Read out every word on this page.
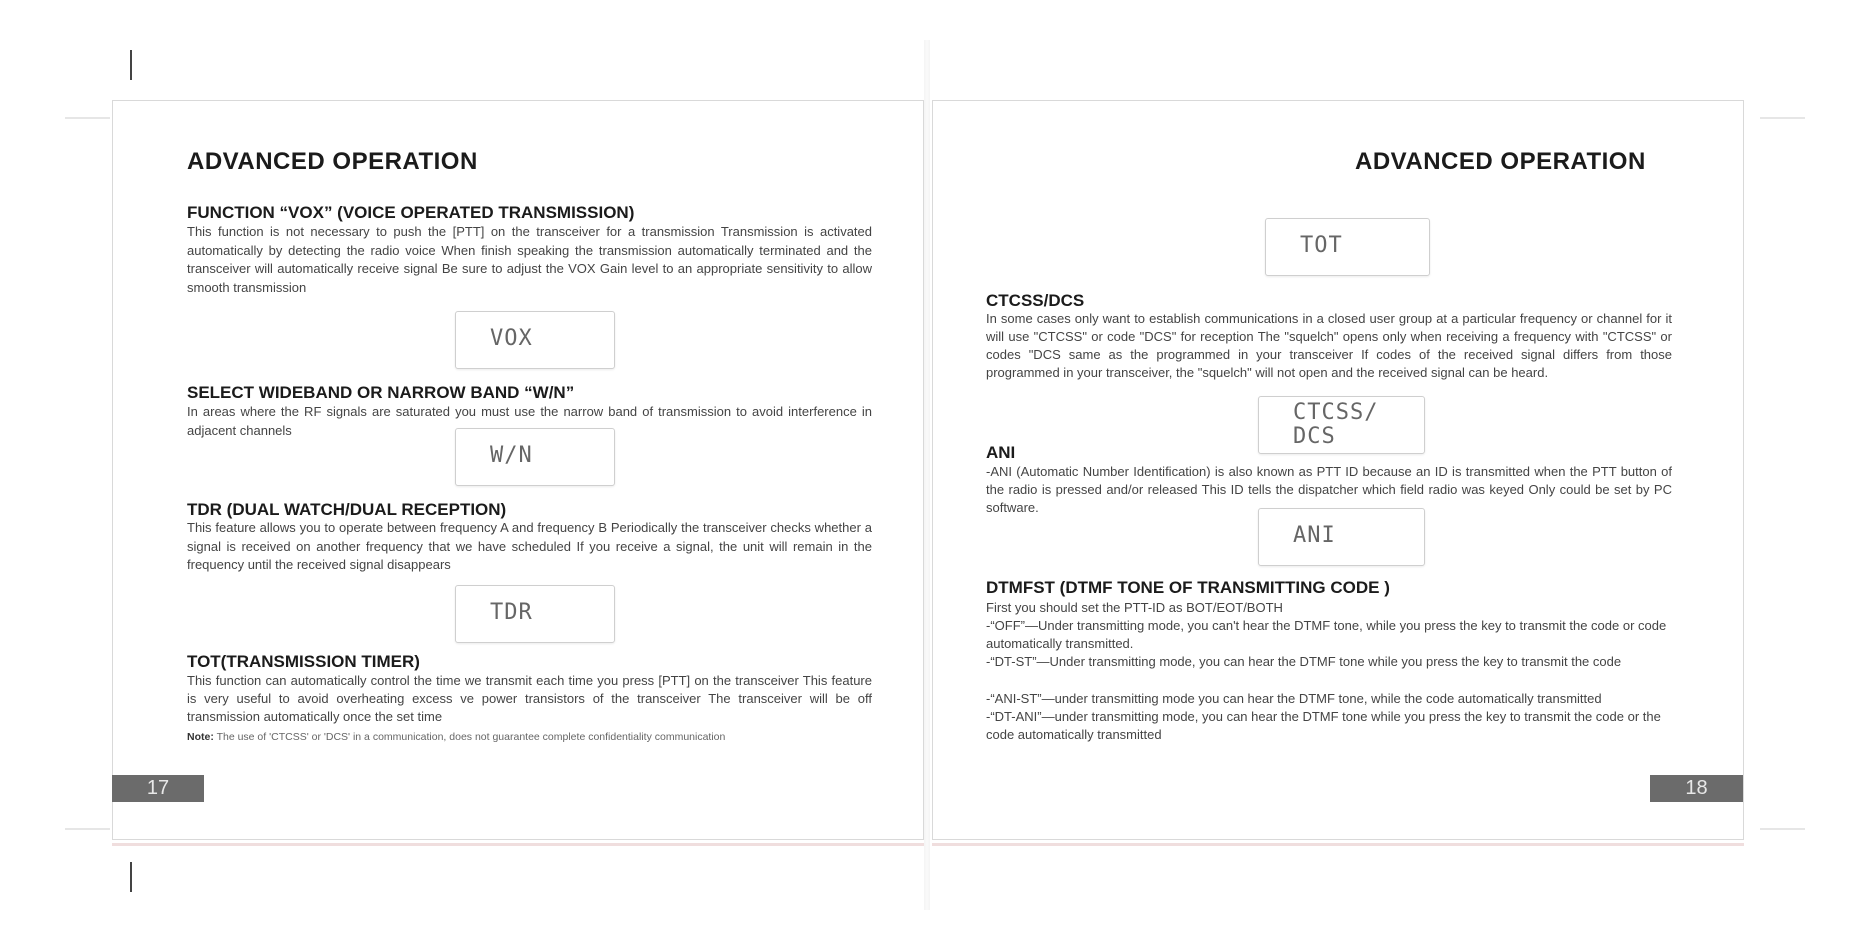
ADVANCED OPERATION
FUNCTION “VOX” (VOICE OPERATED TRANSMISSION)

This function is not necessary to push the [PTT] on the transceiver for a transmission Transmission is activated automatically by detecting the radio voice When finish speaking the transmission automatically terminated and the transceiver will automatically receive signal Be sure to adjust the VOX Gain level to an appropriate sensitivity to allow smooth transmission

VOX
SELECT WIDEBAND OR NARROW BAND “W/N”

In areas where the RF signals are saturated you must use the narrow band of transmission to avoid interference in adjacent channels

W/N
TDR (DUAL WATCH/DUAL RECEPTION)

This feature allows you to operate between frequency A and frequency B Periodically the transceiver checks whether a signal is received on another frequency that we have scheduled If you receive a signal, the unit will remain in the frequency until the received signal disappears

TDR
TOT(TRANSMISSION TIMER)

This function can automatically control the time we transmit each time you press [PTT] on the transceiver This feature is very useful to avoid overheating excess ve power transistors of the transceiver The transceiver will be off transmission automatically once the set time

Note: The use of 'CTCSS' or 'DCS' in a communication, does not guarantee complete confidentiality communication
17
ADVANCED OPERATION
TOT
CTCSS/DCS

In some cases only want to establish communications in a closed user group at a particular frequency or channel for it will use "CTCSS" or code "DCS" for reception The "squelch" opens only when receiving a frequency with "CTCSS" or codes "DCS same as the programmed in your transceiver If codes of the received signal differs from those programmed in your transceiver, the "squelch" will not open and the received signal can be heard.

CTCSS/
DCS
ANI

-ANI (Automatic Number Identification) is also known as PTT ID because an ID is transmitted when the PTT button of the radio is pressed and/or released This ID tells the dispatcher which field radio was keyed Only could be set by PC software.

ANI
DTMFST (DTMF TONE OF TRANSMITTING CODE )

First you should set the PTT-ID as BOT/EOT/BOTH

-“OFF”—Under transmitting mode, you can't hear the DTMF tone, while you press the key to transmit the code or code automatically transmitted.

-“DT-ST”—Under transmitting mode, you can hear the DTMF tone while you press the key to transmit the code

-“ANI-ST”—under transmitting mode you can hear the DTMF tone, while the code automatically transmitted

-“DT-ANI”—under transmitting mode, you can hear the DTMF tone while you press the key to transmit the code or the code automatically transmitted

18
